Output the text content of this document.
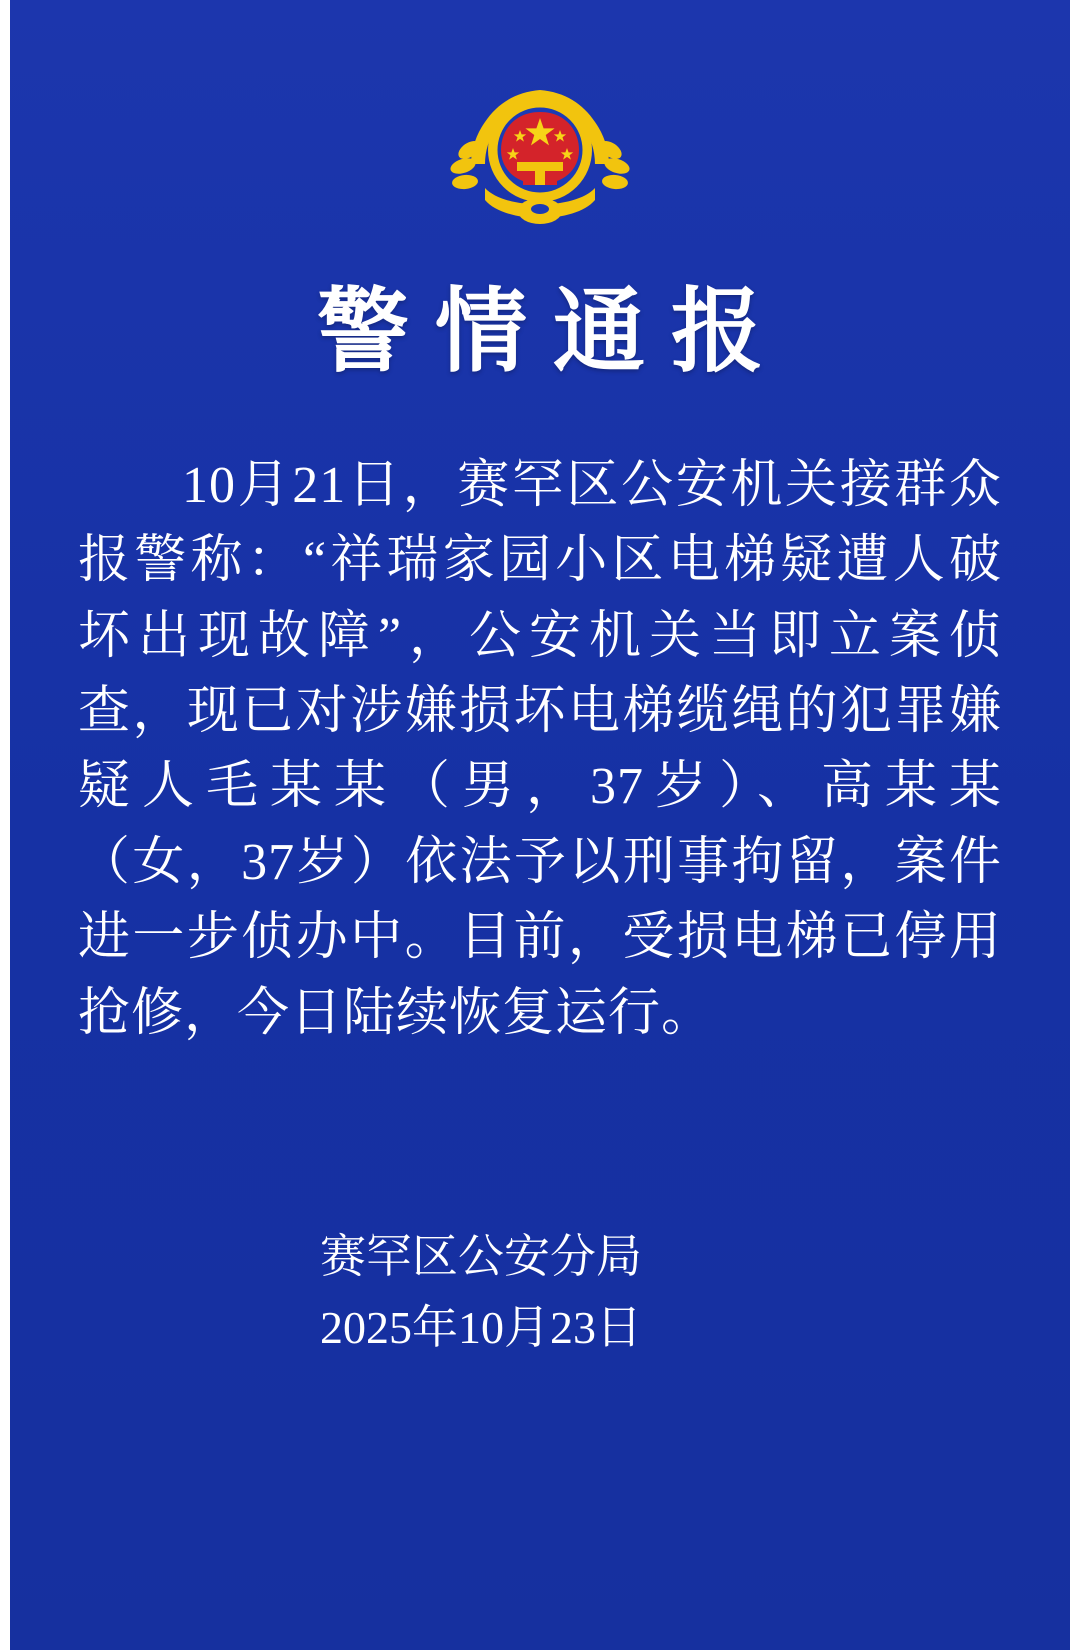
警情通报
10月21日，赛罕区公安机关接群众报警称：“祥瑞家园小区电梯疑遭人破坏出现故障”，公安机关当即立案侦查，现已对涉嫌损坏电梯缆绳的犯罪嫌疑人毛某某（男，37岁）、高某某（女，37岁）依法予以刑事拘留，案件进一步侦办中。目前，受损电梯已停用抢修，今日陆续恢复运行。
赛罕区公安分局
2025年10月23日
